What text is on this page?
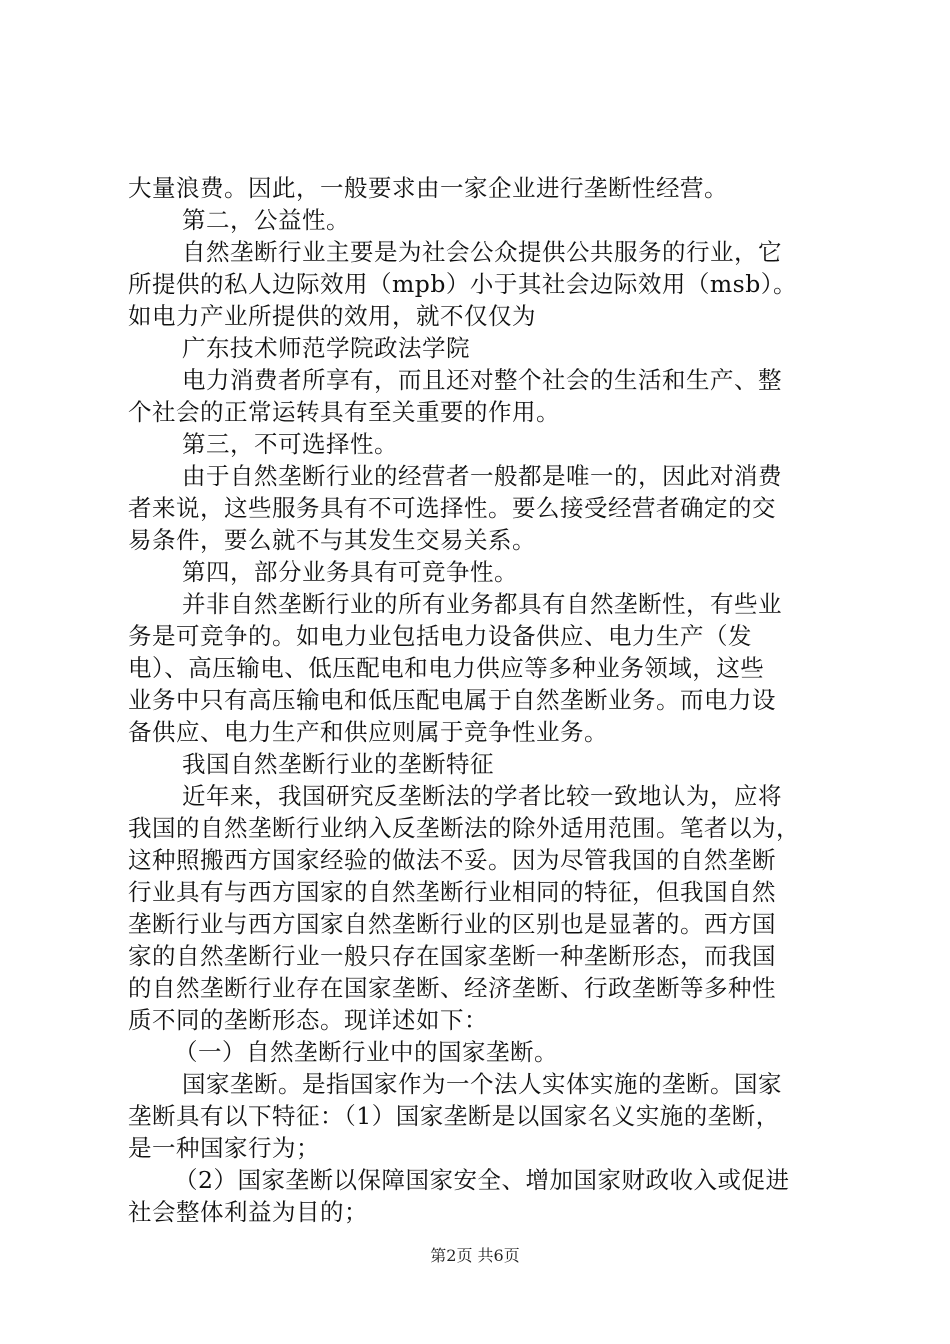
大量浪费。因此，一般要求由一家企业进行垄断性经营。
第二，公益性。
自然垄断行业主要是为社会公众提供公共服务的行业，它
所提供的私人边际效用（mpb）小于其社会边际效用（msb）。
如电力产业所提供的效用，就不仅仅为
广东技术师范学院政法学院
电力消费者所享有，而且还对整个社会的生活和生产、整
个社会的正常运转具有至关重要的作用。
第三，不可选择性。
由于自然垄断行业的经营者一般都是唯一的，因此对消费
者来说，这些服务具有不可选择性。要么接受经营者确定的交
易条件，要么就不与其发生交易关系。
第四，部分业务具有可竞争性。
并非自然垄断行业的所有业务都具有自然垄断性，有些业
务是可竞争的。如电力业包括电力设备供应、电力生产（发
电）、高压输电、低压配电和电力供应等多种业务领域，这些
业务中只有高压输电和低压配电属于自然垄断业务。而电力设
备供应、电力生产和供应则属于竞争性业务。
我国自然垄断行业的垄断特征
近年来，我国研究反垄断法的学者比较一致地认为，应将
我国的自然垄断行业纳入反垄断法的除外适用范围。笔者以为，
这种照搬西方国家经验的做法不妥。因为尽管我国的自然垄断
行业具有与西方国家的自然垄断行业相同的特征，但我国自然
垄断行业与西方国家自然垄断行业的区别也是显著的。西方国
家的自然垄断行业一般只存在国家垄断一种垄断形态，而我国
的自然垄断行业存在国家垄断、经济垄断、行政垄断等多种性
质不同的垄断形态。现详述如下：
（一）自然垄断行业中的国家垄断。
国家垄断。是指国家作为一个法人实体实施的垄断。国家
垄断具有以下特征：（1）国家垄断是以国家名义实施的垄断，
是一种国家行为；
（2）国家垄断以保障国家安全、增加国家财政收入或促进
社会整体利益为目的；
第2页 共6页
